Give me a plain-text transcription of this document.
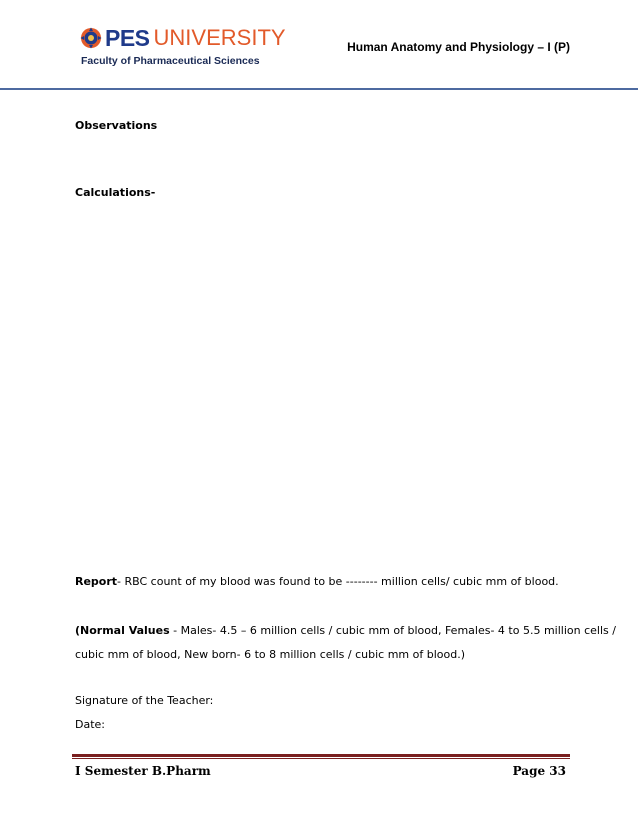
PES UNIVERSITY
Faculty of Pharmaceutical Sciences
Human Anatomy and Physiology – I (P)
Observations
Calculations-
Report- RBC count of my blood was found to be -------- million cells/ cubic mm of blood.
(Normal Values - Males- 4.5 – 6 million cells / cubic mm of blood, Females- 4 to 5.5 million cells /
cubic mm of blood, New born- 6 to 8 million cells / cubic mm of blood.)
Signature of the Teacher:
Date:
I Semester B.Pharm	Page 33
